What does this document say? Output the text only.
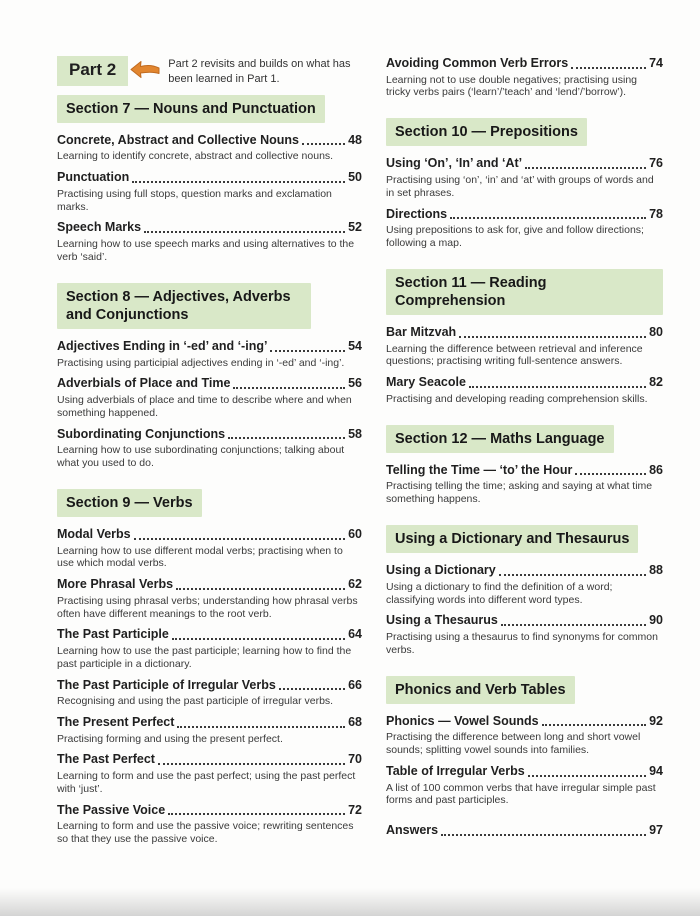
Part 2	Part 2 revisits and builds on what has been learned in Part 1.
Section 7 — Nouns and Punctuation
Concrete, Abstract and Collective Nouns	48
Learning to identify concrete, abstract and collective nouns.
Punctuation	50
Practising using full stops, question marks and exclamation marks.
Speech Marks	52
Learning how to use speech marks and using alternatives to the verb ‘said’.
Section 8 — Adjectives, Adverbs and Conjunctions
Adjectives Ending in ‘-ed’ and ‘-ing’	54
Practising using participial adjectives ending in ‘-ed’ and ‘-ing’.
Adverbials of Place and Time	56
Using adverbials of place and time to describe where and when something happened.
Subordinating Conjunctions	58
Learning how to use subordinating conjunctions; talking about what you used to do.
Section 9 — Verbs
Modal Verbs	60
Learning how to use different modal verbs; practising when to use which modal verbs.
More Phrasal Verbs	62
Practising using phrasal verbs; understanding how phrasal verbs often have different meanings to the root verb.
The Past Participle	64
Learning how to use the past participle; learning how to find the past participle in a dictionary.
The Past Participle of Irregular Verbs	66
Recognising and using the past participle of irregular verbs.
The Present Perfect	68
Practising forming and using the present perfect.
The Past Perfect	70
Learning to form and use the past perfect; using the past perfect with ‘just’.
The Passive Voice	72
Learning to form and use the passive voice; rewriting sentences so that they use the passive voice.
Avoiding Common Verb Errors	74
Learning not to use double negatives; practising using tricky verbs pairs (‘learn’/’teach’ and ‘lend’/’borrow’).
Section 10 — Prepositions
Using ‘On’, ‘In’ and ‘At’	76
Practising using ‘on’, ‘in’ and ‘at’ with groups of words and in set phrases.
Directions	78
Using prepositions to ask for, give and follow directions; following a map.
Section 11 — Reading Comprehension
Bar Mitzvah	80
Learning the difference between retrieval and inference questions; practising writing full-sentence answers.
Mary Seacole	82
Practising and developing reading comprehension skills.
Section 12 — Maths Language
Telling the Time — ‘to’ the Hour	86
Practising telling the time; asking and saying at what time something happens.
Using a Dictionary and Thesaurus
Using a Dictionary	88
Using a dictionary to find the definition of a word; classifying words into different word types.
Using a Thesaurus	90
Practising using a thesaurus to find synonyms for common verbs.
Phonics and Verb Tables
Phonics — Vowel Sounds	92
Practising the difference between long and short vowel sounds; splitting vowel sounds into families.
Table of Irregular Verbs	94
A list of 100 common verbs that have irregular simple past forms and past participles.
Answers	97
